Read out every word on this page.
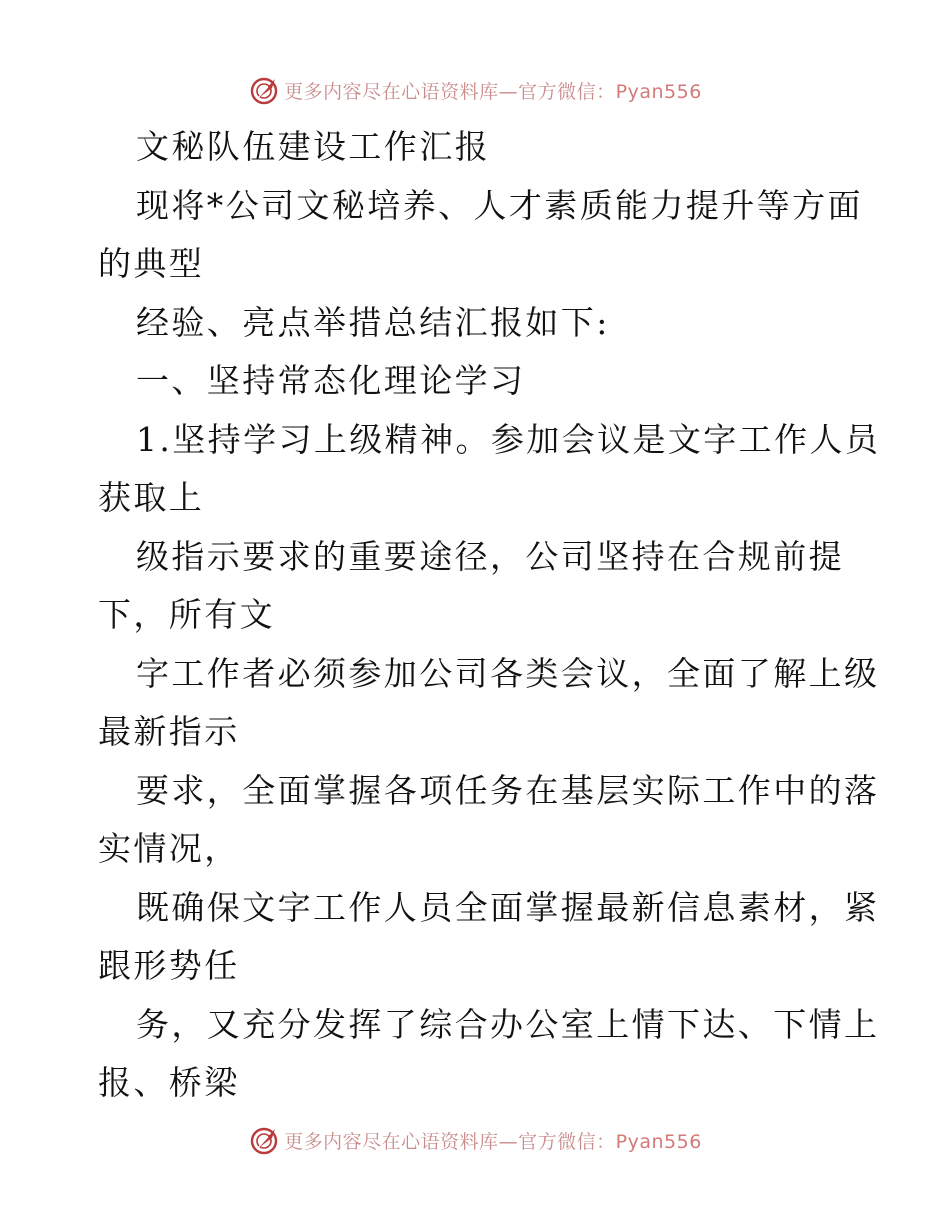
更多内容尽在心语资料库—官方微信：Pyan556
文秘队伍建设工作汇报
现将*公司文秘培养、人才素质能力提升等方面
的典型
经验、亮点举措总结汇报如下:
一、坚持常态化理论学习
1.坚持学习上级精神。参加会议是文字工作人员
获取上
级指示要求的重要途径，公司坚持在合规前提
下，所有文
字工作者必须参加公司各类会议，全面了解上级
最新指示
要求，全面掌握各项任务在基层实际工作中的落
实情况，
既确保文字工作人员全面掌握最新信息素材，紧
跟形势任
务，又充分发挥了综合办公室上情下达、下情上
报、桥梁
更多内容尽在心语资料库—官方微信：Pyan556
